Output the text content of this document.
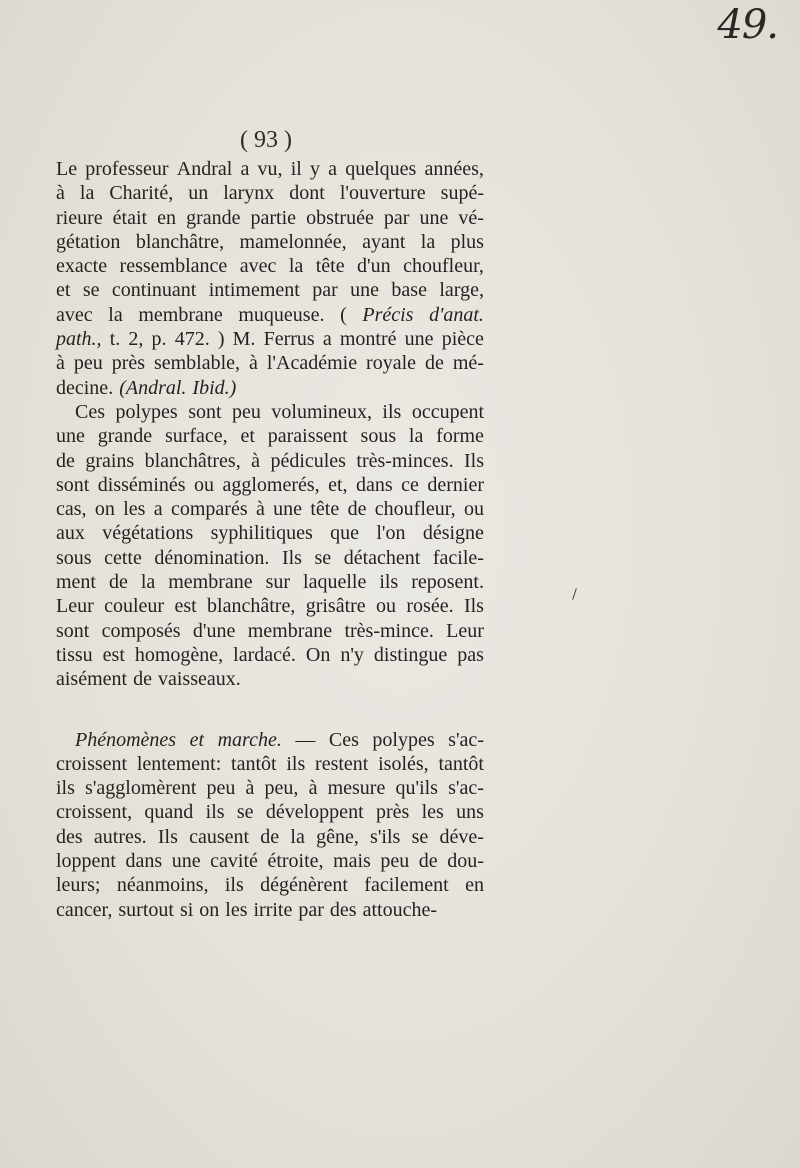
49.
( 93 )
Le professeur Andral a vu, il y a quelques années,
à la Charité, un larynx dont l'ouverture supé-
rieure était en grande partie obstruée par une vé-
gétation blanchâtre, mamelonnée, ayant la plus
exacte ressemblance avec la tête d'un choufleur,
et se continuant intimement par une base large,
avec la membrane muqueuse. ( Précis d'anat.
path., t. 2, p. 472. ) M. Ferrus a montré une pièce
à peu près semblable, à l'Académie royale de mé-
decine. (Andral. Ibid.)
Ces polypes sont peu volumineux, ils occupent
une grande surface, et paraissent sous la forme
de grains blanchâtres, à pédicules très-minces. Ils
sont disséminés ou agglomerés, et, dans ce dernier
cas, on les a comparés à une tête de choufleur, ou
aux végétations syphilitiques que l'on désigne
sous cette dénomination. Ils se détachent facile-
ment de la membrane sur laquelle ils reposent.
Leur couleur est blanchâtre, grisâtre ou rosée. Ils
sont composés d'une membrane très-mince. Leur
tissu est homogène, lardacé. On n'y distingue pas
aisément de vaisseaux.
Phénomènes et marche. — Ces polypes s'ac-
croissent lentement: tantôt ils restent isolés, tantôt
ils s'agglomèrent peu à peu, à mesure qu'ils s'ac-
croissent, quand ils se développent près les uns
des autres. Ils causent de la gêne, s'ils se déve-
loppent dans une cavité étroite, mais peu de dou-
leurs; néanmoins, ils dégénèrent facilement en
cancer, surtout si on les irrite par des attouche-
